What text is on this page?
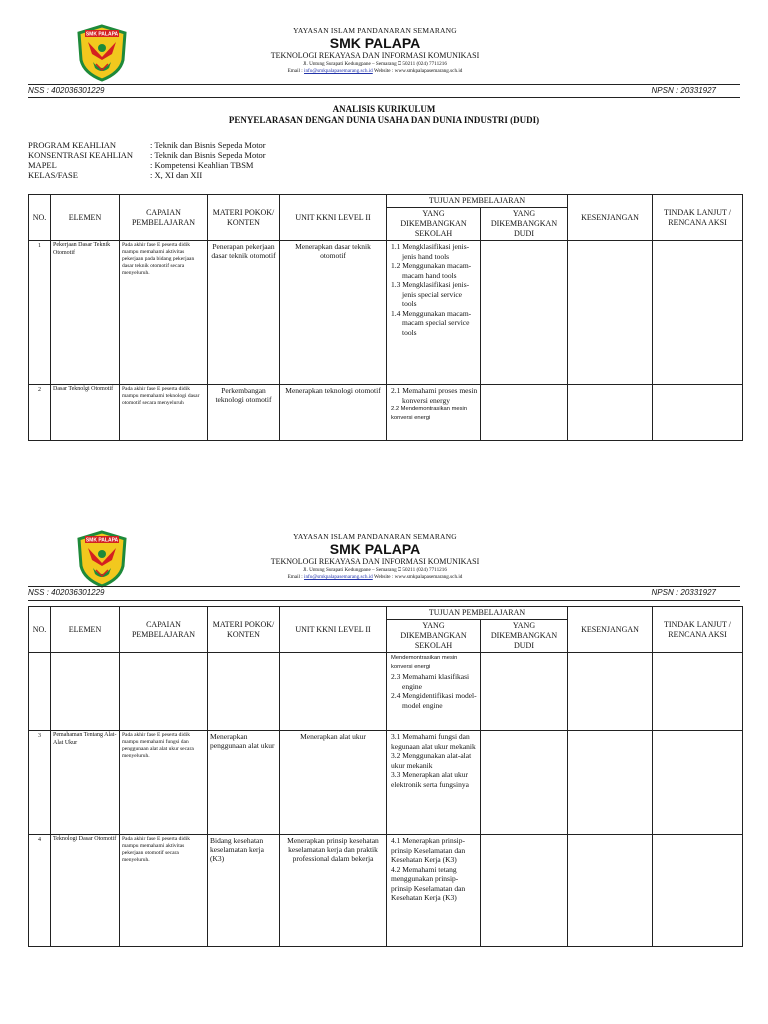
SMK PALAPA	YAYASAN ISLAM PANDANARAN SEMARANG
SMK PALAPA
TEKNOLOGI REKAYASA DAN INFORMASI KOMUNIKASI
Jl. Untung Surapati Kedungpane – Semarang ⎕ 50211 (024) 7711216
Email : info@smkpalapasemarang.sch.id Website : www.smkpalapasemarang.sch.id
NSS : 402036301229	NPSN : 20331927
ANALISIS KURIKULUM
PENYELARASAN DENGAN DUNIA USAHA DAN DUNIA INDUSTRI (DUDI)
PROGRAM KEAHLIAN	: Teknik dan Bisnis Sepeda Motor
KONSENTRASI KEAHLIAN : Teknik dan Bisnis Sepeda Motor
MAPEL	: Kompetensi Keahlian TBSM
KELAS/FASE	: X, XI dan XII
NO.	ELEMEN	CAPAIAN PEMBELAJARAN	MATERI POKOK/ KONTEN	UNIT KKNI LEVEL II	TUJUAN PEMBELAJARAN		KESENJANGAN	TINDAK LANJUT / RENCANA AKSI
					YANG DIKEMBANGKAN SEKOLAH	YANG DIKEMBANGKAN DUDI		
1	Pekerjaan Dasar Teknik Otomotif	Pada akhir fase E peserta didik mampu memahami aktivitas pekerjaan pada bidang pekerjaan dasar teknik otomotif secara menyeluruh.	Penerapan pekerjaan dasar teknik otomotif	Menerapkan dasar teknik otomotif	1.1 Mengklasifikasi jenis-jenis hand tools
1.2 Menggunakan macam-macam hand tools
1.3 Mengklasifikasi jenis-jenis special service tools
1.4 Menggunakan macam-macam special service tools			

2	Dasar Teknolgi Otomotif	Pada akhir fase E peserta didik mampu memahami teknologi dasar otomotif secara menyeluruh	Perkembangan teknologi otomotif	Menerapkan teknologi otomotif	2.1 Memahami proses mesin konversi energy
2.2 Mendemontrasikan mesin konversi energi			

SMK PALAPA	YAYASAN ISLAM PANDANARAN SEMARANG
SMK PALAPA
TEKNOLOGI REKAYASA DAN INFORMASI KOMUNIKASI
Jl. Untung Surapati Kedungpane – Semarang ⎕ 50211 (024) 7711216
Email : info@smkpalapasemarang.sch.id Website : www.smkpalapasemarang.sch.id
NSS : 402036301229	NPSN : 20331927
NO.	ELEMEN	CAPAIAN PEMBELAJARAN	MATERI POKOK/ KONTEN	UNIT KKNI LEVEL II	TUJUAN PEMBELAJARAN		KESENJANGAN	TINDAK LANJUT / RENCANA AKSI
					YANG DIKEMBANGKAN SEKOLAH	YANG DIKEMBANGKAN DUDI		

					Mendemontrasikan mesin konversi energi
2.3 Memahami klasifikasi engine
2.4 Mengidentifikasi model-model engine			

3	Pemahaman Tentang Alat-Alat Ukur	Pada akhir fase E peserta didik mampu memahami fungsi dan penggunaan alat alat ukur secara menyeluruh.	Menerapkan penggunaan alat ukur	Menerapkan alat ukur	3.1 Memahami fungsi dan kegunaan alat ukur mekanik
3.2 Menggunakan alat-alat ukur mekanik
3.3 Menerapkan alat ukur elektronik serta fungsinya			

4	Teknologi Dasar Otomotif	Pada akhir fase E peserta didik mampu memahami aktivitas pekerjaan otomotif secara menyeluruh.	Bidang kesehatan keselamatan kerja (K3)	Menerapkan prinsip kesehatan keselamatan kerja dan praktik professional dalam bekerja	4.1 Menerapkan prinsip-prinsip Keselamatan dan Kesehatan Kerja (K3)
4.2 Memahami tetang menggunakan prinsip-prinsip Keselamatan dan Kesehatan Kerja (K3)			
